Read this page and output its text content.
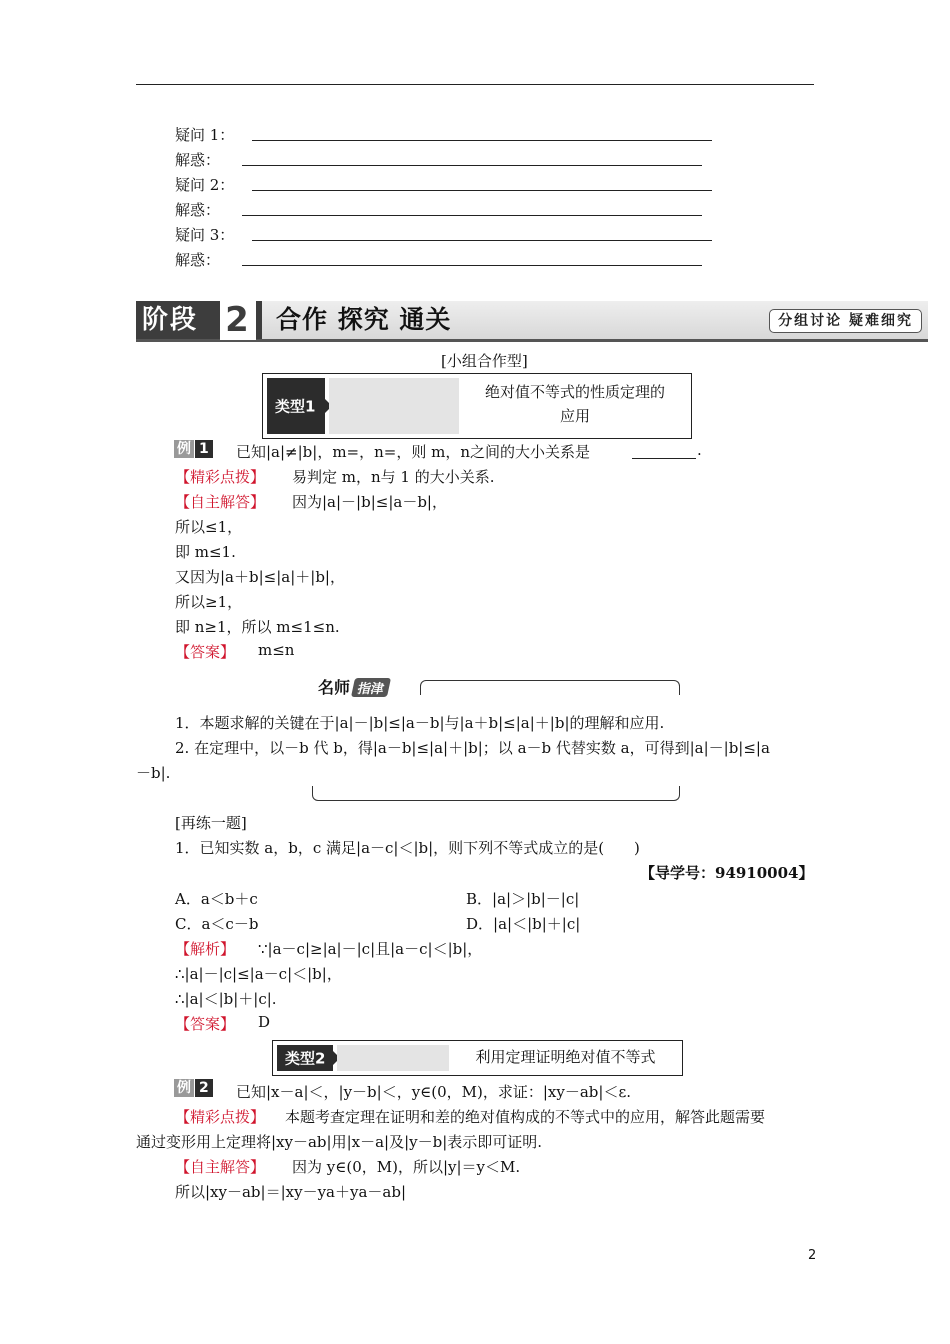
疑问 1：
解惑：
疑问 2：
解惑：
疑问 3：
解惑：
阶段 2 合作 探究 通关	分组讨论 疑难细究
[小组合作型]
类型1
绝对值不等式的性质定理的
应用
例 1 已知|a|≠|b|，m=，n=，则 m，n之间的大小关系是	.
【精彩点拨】 易判定 m，n与 1 的大小关系.
【自主解答】 因为|a|－|b|≤|a－b|，
所以≤1，
即 m≤1.
又因为|a＋b|≤|a|＋|b|，
所以≥1，
即 n≥1，所以 m≤1≤n.
【答案】 m≤n
名师 指津
1．本题求解的关键在于|a|－|b|≤|a－b|与|a＋b|≤|a|＋|b|的理解和应用.
2. 在定理中，以－b 代 b，得|a－b|≤|a|＋|b|；以 a－b 代替实数 a，可得到|a|－|b|≤|a
－b|.
[再练一题]
1．已知实数 a，b，c 满足|a－c|＜|b|，则下列不等式成立的是(　　)
【导学号：94910004】
A．a＜b＋c	B．|a|＞|b|－|c|
C．a＜c－b	D．|a|＜|b|＋|c|
【解析】 ∵|a－c|≥|a|－|c|且|a－c|＜|b|，
∴|a|－|c|≤|a－c|＜|b|，
∴|a|＜|b|＋|c|.
【答案】 D
类型2	利用定理证明绝对值不等式
例 2 已知|x－a|＜，|y－b|＜，y∈(0，M)，求证：|xy－ab|＜ε.
【精彩点拨】 本题考查定理在证明和差的绝对值构成的不等式中的应用，解答此题需要
通过变形用上定理将|xy－ab|用|x－a|及|y－b|表示即可证明.
【自主解答】 因为 y∈(0，M)，所以|y|＝y＜M.
所以|xy－ab|＝|xy－ya＋ya－ab|
2
